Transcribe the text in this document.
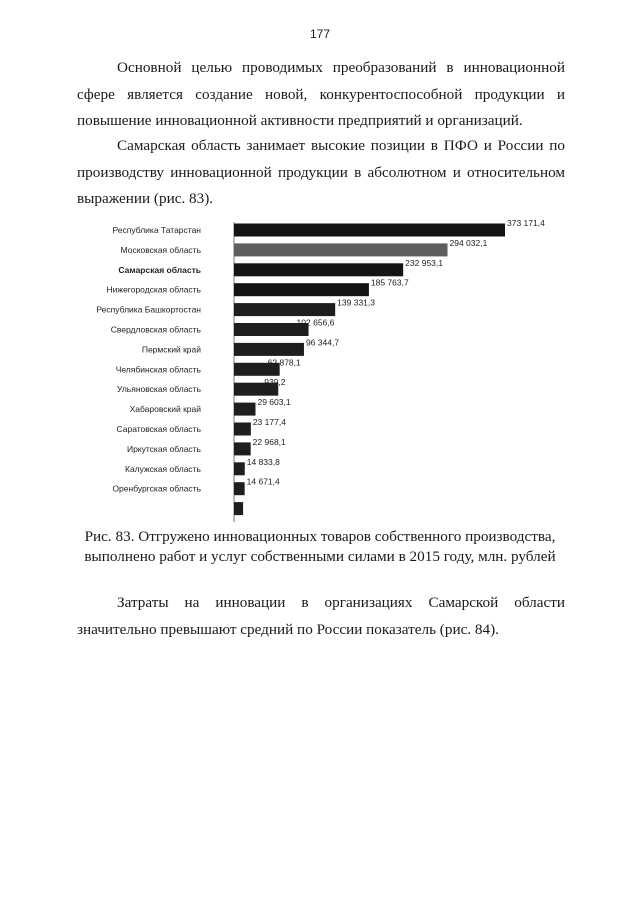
177

Основной целью проводимых преобразований в инновационной сфере является создание новой, конкурентоспособной продукции и повышение инновационной активности предприятий и организаций.

Самарская область занимает высокие позиции в ПФО и России по производству инновационной продукции в абсолютном и относительном выражении (рис. 83).

Республика Татарстан
373 171,4
Московская область
294 032,1
Самарская область
232 953,1
Нижегородская область
185 763,7
Республика Башкортостан
139 331,3
Свердловская область
102 656,6
Пермский край
96 344,7
Челябинская область
62 878,1
Ульяновская область
939,2
Хабаровский край
29 603,1
Саратовская область
23 177,4
Иркутская область
22 968,1
Калужская область
14 833,8
Оренбургская область
14 671,4
Рис. 83. Отгружено инновационных товаров собственного производства, выполнено работ и услуг собственными силами в 2015 году, млн. рублей

Затраты на инновации в организациях Самарской области значительно превышают средний по России показатель (рис. 84).
